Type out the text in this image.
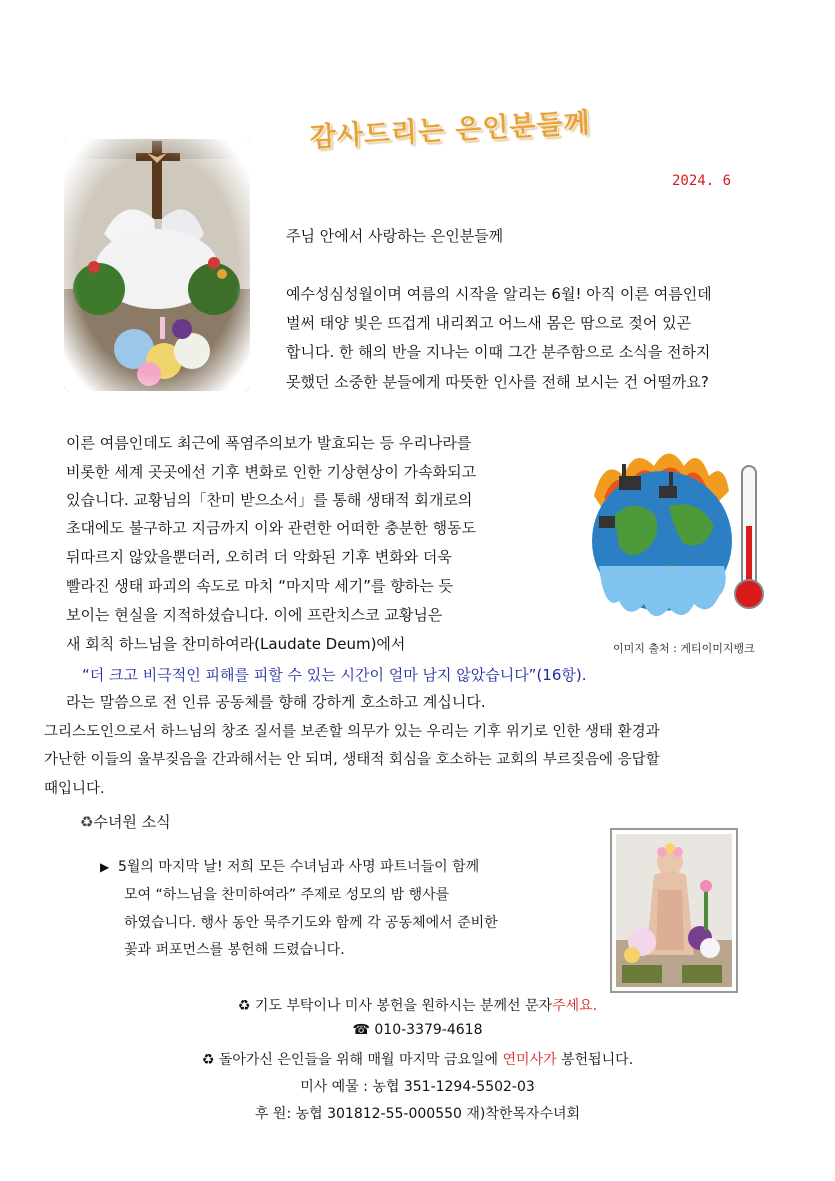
감사드리는 은인분들께
2024. 6
주님 안에서 사랑하는 은인분들께
예수성심성월이며 여름의 시작을 알리는 6월! 아직 이른 여름인데
벌써 태양 빛은 뜨겁게 내리쬐고 어느새 몸은 땀으로 젖어 있곤
합니다. 한 해의 반을 지나는 이때 그간 분주함으로 소식을 전하지
못했던 소중한 분들에게 따뜻한 인사를 전해 보시는 건 어떨까요?
이미지 출처 : 게티이미지뱅크
이른 여름인데도 최근에 폭염주의보가 발효되는 등 우리나라를
비롯한 세계 곳곳에선 기후 변화로 인한 기상현상이 가속화되고
있습니다. 교황님의「찬미 받으소서」를 통해 생태적 회개로의
초대에도 불구하고 지금까지 이와 관련한 어떠한 충분한 행동도
뒤따르지 않았을뿐더러, 오히려 더 악화된 기후 변화와 더욱
빨라진 생태 파괴의 속도로 마치 “마지막 세기”를 향하는 듯
보이는 현실을 지적하셨습니다. 이에 프란치스코 교황님은
새 회칙 하느님을 찬미하여라(Laudate Deum)에서
“더 크고 비극적인 피해를 피할 수 있는 시간이 얼마 남지 않았습니다”(16항).
라는 말씀으로 전 인류 공동체를 향해 강하게 호소하고 계십니다.
그리스도인으로서 하느님의 창조 질서를 보존할 의무가 있는 우리는 기후 위기로 인한 생태 환경과
가난한 이들의 울부짖음을 간과해서는 안 되며, 생태적 회심을 호소하는 교회의 부르짖음에 응답할
때입니다.
♻수녀원 소식
▶ 5월의 마지막 날! 저희 모든 수녀님과 사명 파트너들이 함께
모여 “하느님을 찬미하여라” 주제로 성모의 밤 행사를
하였습니다. 행사 동안 묵주기도와 함께 각 공동체에서 준비한
꽃과 퍼포먼스를 봉헌해 드렸습니다.
♻ 기도 부탁이나 미사 봉헌을 원하시는 분께선 문자주세요.
☎ 010-3379-4618
♻ 돌아가신 은인들을 위해 매월 마지막 금요일에 연미사가 봉헌됩니다.
미사 예물 : 농협 351-1294-5502-03
후 원: 농협 301812-55-000550 재)착한목자수녀회
